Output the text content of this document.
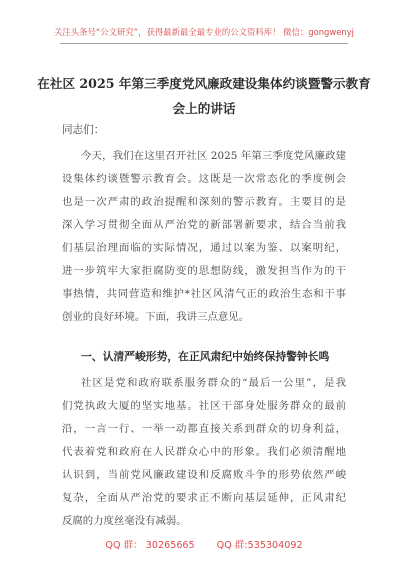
关注头条号“公文研究”，获得最新最全最专业的公文资料库！ 微信：gongwenyj
在社区 2025 年第三季度党风廉政建设集体约谈暨警示教育
会上的讲话
同志们：
今天，我们在这里召开社区 2025 年第三季度党风廉政建
设集体约谈暨警示教育会。这既是一次常态化的季度例会
也是一次严肃的政治提醒和深刻的警示教育。主要目的是
深入学习贯彻全面从严治党的新部署新要求，结合当前我
们基层治理面临的实际情况，通过以案为鉴、以案明纪，
进一步筑牢大家拒腐防变的思想防线，激发担当作为的干
事热情，共同营造和维护*社区风清气正的政治生态和干事
创业的良好环境。下面，我讲三点意见。
一、认清严峻形势，在正风肃纪中始终保持警钟长鸣
社区是党和政府联系服务群众的“最后一公里”，是我
们党执政大厦的坚实地基。社区干部身处服务群众的最前
沿，一言一行、一举一动都直接关系到群众的切身利益，
代表着党和政府在人民群众心中的形象。我们必须清醒地
认识到，当前党风廉政建设和反腐败斗争的形势依然严峻
复杂，全面从严治党的要求正不断向基层延伸，正风肃纪
反腐的力度丝毫没有减弱。
QQ 群： 30265665 QQ 群:535304092
